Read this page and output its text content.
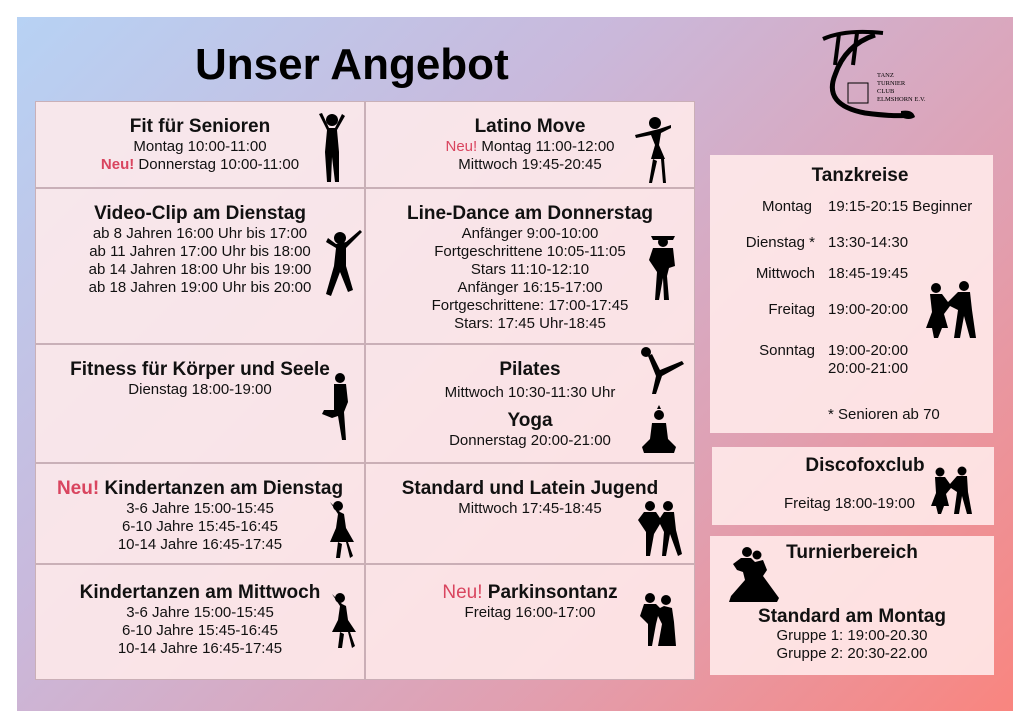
Unser Angebot	TANZ
TURNIER
CLUB
ELMSHORN E.V.
Fit für Senioren
Montag 10:00-11:00
Neu! Donnerstag 10:00-11:00
Latino Move
Neu! Montag 11:00-12:00
Mittwoch 19:45-20:45
Video-Clip am Dienstag
ab 8 Jahren 16:00 Uhr bis 17:00
ab 11 Jahren 17:00 Uhr bis 18:00
ab 14 Jahren 18:00 Uhr bis 19:00
ab 18 Jahren 19:00 Uhr bis 20:00
Line-Dance am Donnerstag
Anfänger 9:00-10:00
Fortgeschrittene 10:05-11:05
Stars 11:10-12:10
Anfänger 16:15-17:00
Fortgeschrittene: 17:00-17:45
Stars: 17:45 Uhr-18:45
Fitness für Körper und Seele
Dienstag 18:00-19:00
Pilates
Mittwoch 10:30-11:30 Uhr
Yoga
Donnerstag 20:00-21:00
Neu! Kindertanzen am Dienstag
3-6 Jahre 15:00-15:45
6-10 Jahre 15:45-16:45
10-14 Jahre 16:45-17:45
Standard und Latein Jugend
Mittwoch 17:45-18:45
Kindertanzen am Mittwoch
3-6 Jahre 15:00-15:45
6-10 Jahre 15:45-16:45
10-14 Jahre 16:45-17:45
Neu! Parkinsontanz
Freitag 16:00-17:00
Tanzkreise
Montag 19:15-20:15 Beginner
Dienstag * 13:30-14:30
Mittwoch 18:45-19:45
Freitag 19:00-20:00
Sonntag 19:00-20:00
20:00-21:00
* Senioren ab 70
Discofoxclub
Freitag 18:00-19:00
Turnierbereich
Standard am Montag
Gruppe 1: 19:00-20.30
Gruppe 2: 20:30-22.00
